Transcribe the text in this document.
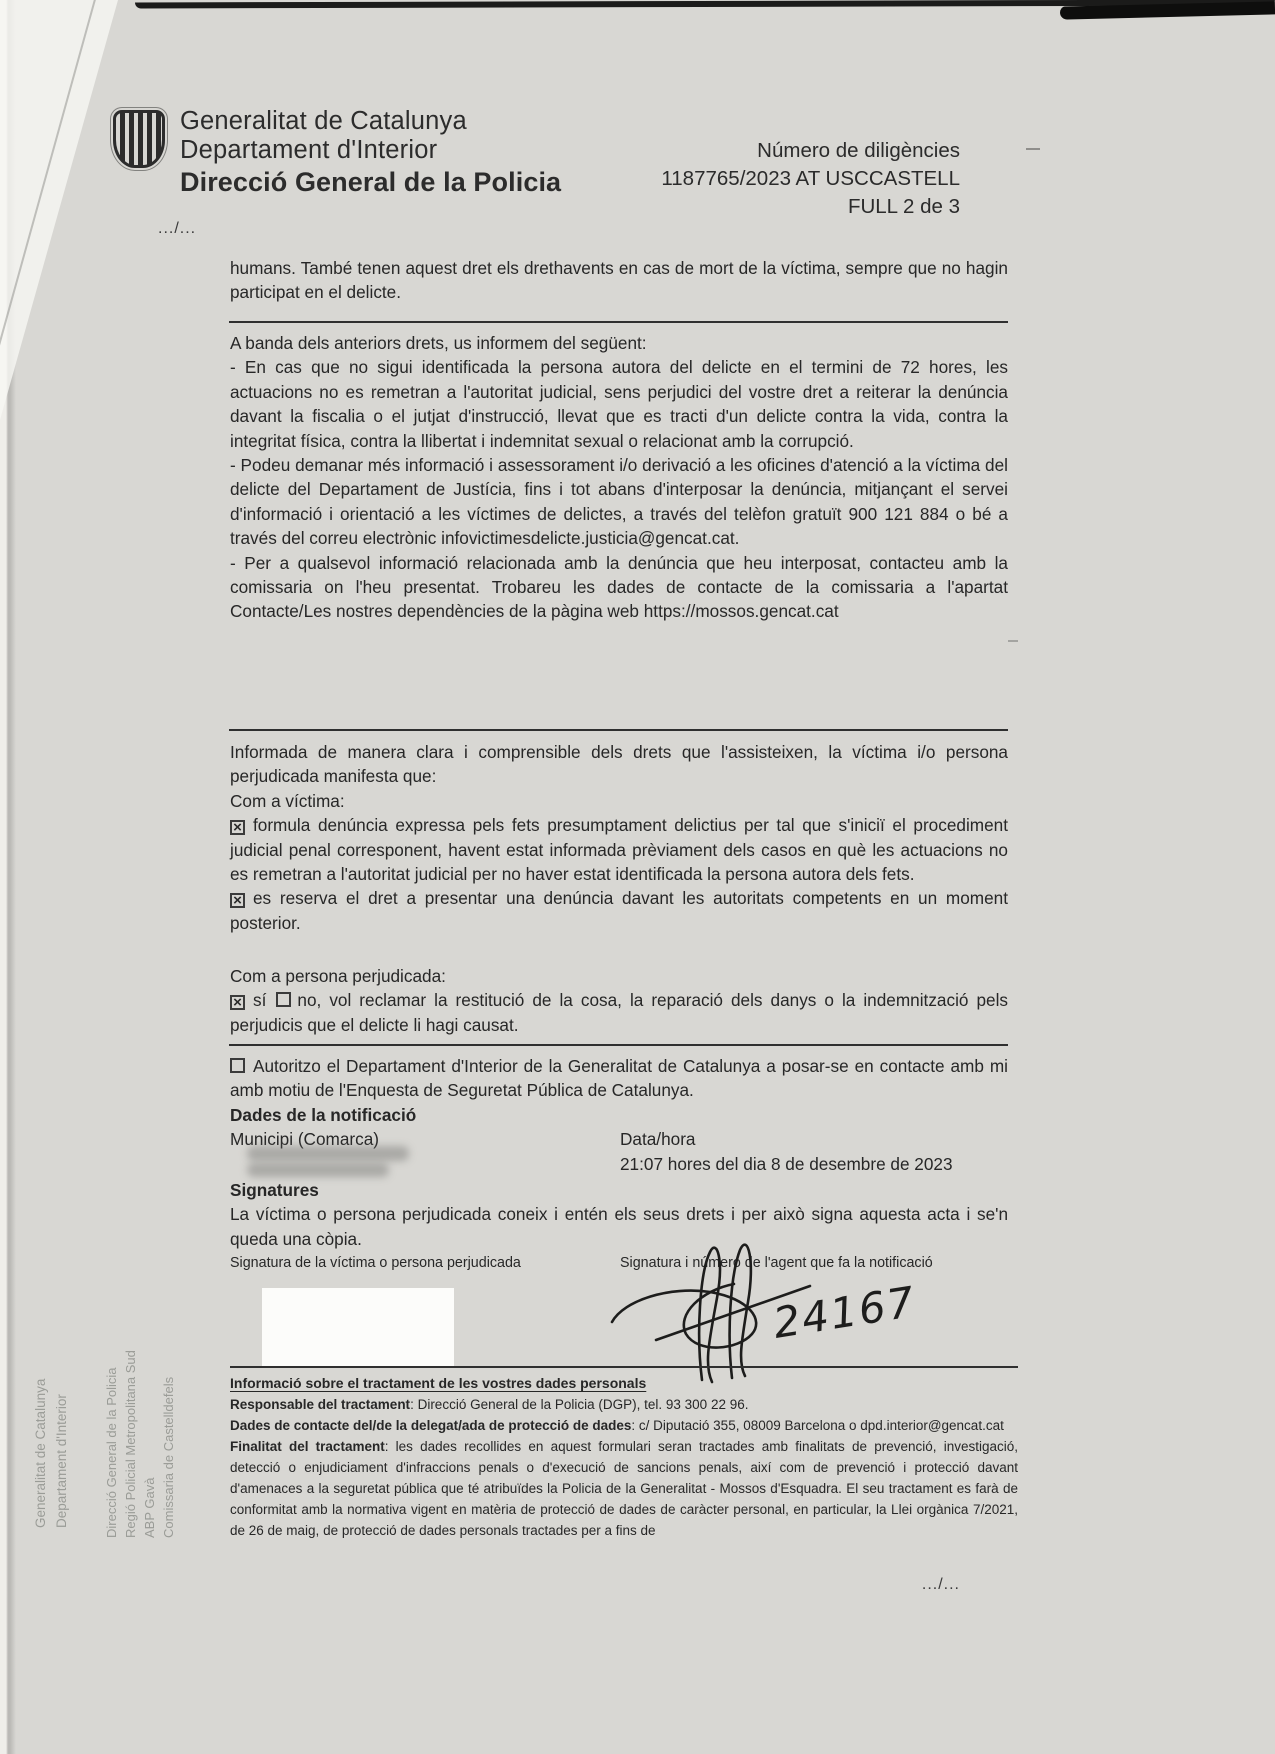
Generalitat de Catalunya
Departament d'Interior
Direcció General de la Policia
Número de diligències
1187765/2023 AT USCCASTELL
FULL 2 de 3
.../...

humans. També tenen aquest dret els drethavents en cas de mort de la víctima, sempre que no hagin participat en el delicte.

A banda dels anteriors drets, us informem del següent:

- En cas que no sigui identificada la persona autora del delicte en el termini de 72 hores, les actuacions no es remetran a l'autoritat judicial, sens perjudici del vostre dret a reiterar la denúncia davant la fiscalia o el jutjat d'instrucció, llevat que es tracti d'un delicte contra la vida, contra la integritat física, contra la llibertat i indemnitat sexual o relacionat amb la corrupció.

- Podeu demanar més informació i assessorament i/o derivació a les oficines d'atenció a la víctima del delicte del Departament de Justícia, fins i tot abans d'interposar la denúncia, mitjançant el servei d'informació i orientació a les víctimes de delictes, a través del telèfon gratuït 900 121 884 o bé a través del correu electrònic infovictimesdelicte.justicia@gencat.cat.

- Per a qualsevol informació relacionada amb la denúncia que heu interposat, contacteu amb la comissaria on l'heu presentat. Trobareu les dades de contacte de la comissaria a l'apartat Contacte/Les nostres dependències de la pàgina web https://mossos.gencat.cat

Informada de manera clara i comprensible dels drets que l'assisteixen, la víctima i/o persona perjudicada manifesta que:

Com a víctima:

× formula denúncia expressa pels fets presumptament delictius per tal que s'iniciï el procediment judicial penal corresponent, havent estat informada prèviament dels casos en què les actuacions no es remetran a l'autoritat judicial per no haver estat identificada la persona autora dels fets.

× es reserva el dret a presentar una denúncia davant les autoritats competents en un moment posterior.

Com a persona perjudicada:

× sí no, vol reclamar la restitució de la cosa, la reparació dels danys o la indemnització pels perjudicis que el delicte li hagi causat.

Autoritzo el Departament d'Interior de la Generalitat de Catalunya a posar-se en contacte amb mi amb motiu de l'Enquesta de Seguretat Pública de Catalunya.

Dades de la notificació

Municipi (Comarca)	Data/hora
21:07 hores del dia 8 de desembre de 2023

Signatures

La víctima o persona perjudicada coneix i entén els seus drets i per això signa aquesta acta i se'n queda una còpia.

Signatura de la víctima o persona perjudicada	Signatura i número de l'agent que fa la notificació
24167

Informació sobre el tractament de les vostres dades personals

Responsable del tractament: Direcció General de la Policia (DGP), tel. 93 300 22 96.

Dades de contacte del/de la delegat/ada de protecció de dades: c/ Diputació 355, 08009 Barcelona o dpd.interior@gencat.cat

Finalitat del tractament: les dades recollides en aquest formulari seran tractades amb finalitats de prevenció, investigació, detecció o enjudiciament d'infraccions penals o d'execució de sancions penals, així com de prevenció i protecció davant d'amenaces a la seguretat pública que té atribuïdes la Policia de la Generalitat - Mossos d'Esquadra. El seu tractament es farà de conformitat amb la normativa vigent en matèria de protecció de dades de caràcter personal, en particular, la Llei orgànica 7/2021, de 26 de maig, de protecció de dades personals tractades per a fins de

.../...
Generalitat de Catalunya Departament d'Interior	Direcció General de la Policia Regió Policial Metropolitana Sud ABP Gavà Comissaria de Castelldefels
